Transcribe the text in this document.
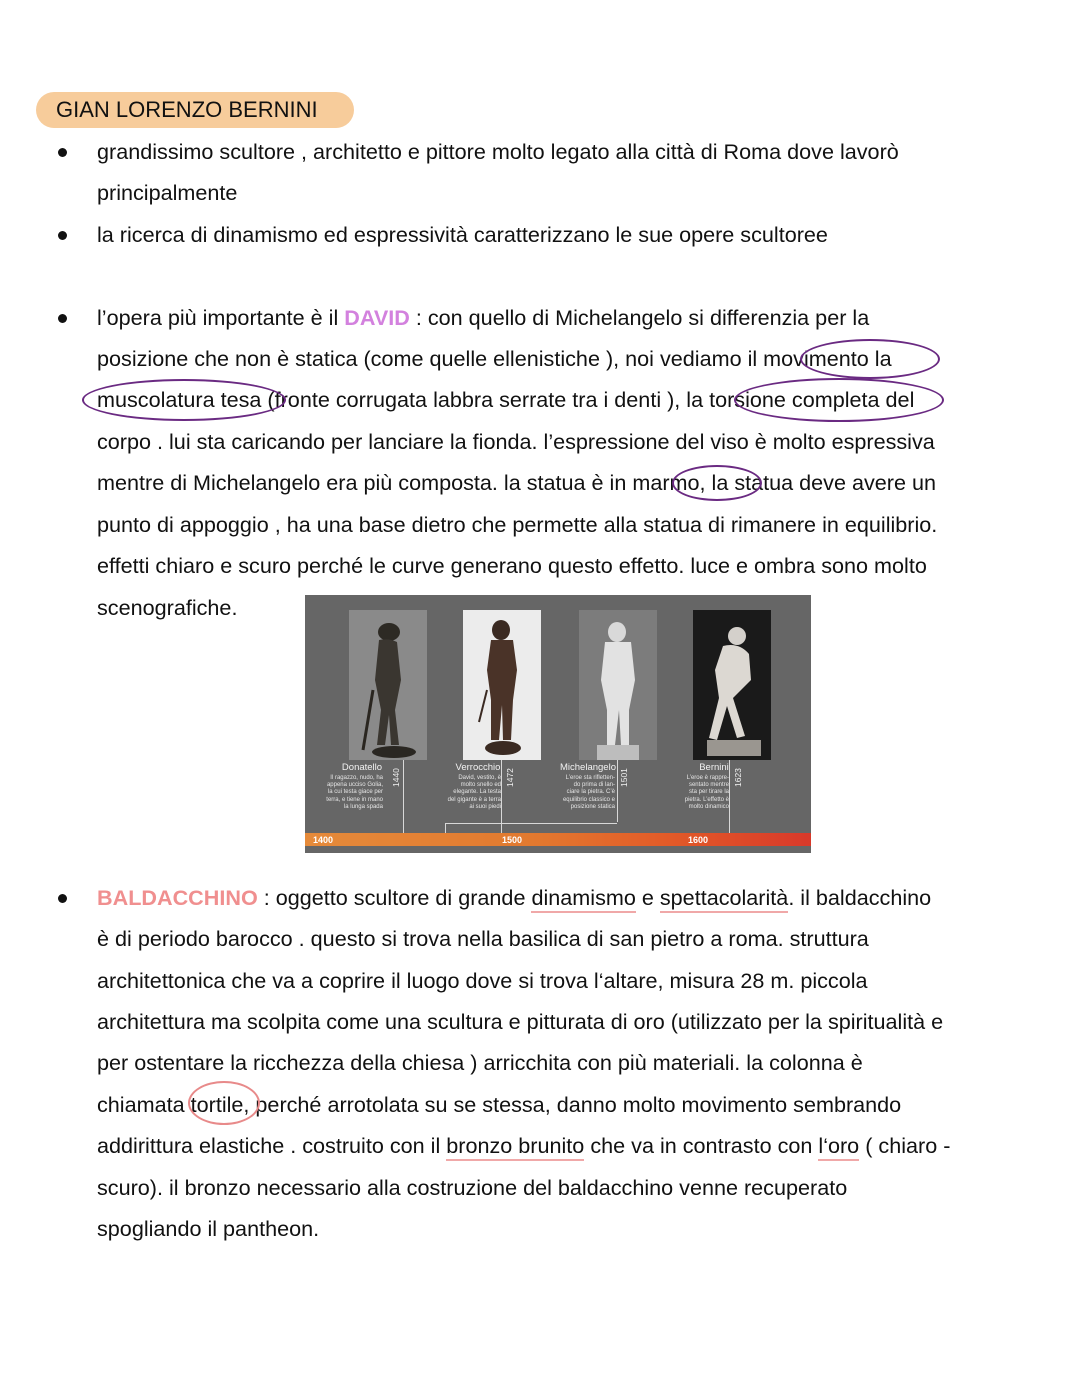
GIAN LORENZO BERNINI
grandissimo scultore , architetto e pittore molto legato alla città di Roma dove lavorò
principalmente
la ricerca di dinamismo ed espressività caratterizzano le sue opere scultoree
l’opera più importante è il DAVID : con quello di Michelangelo si differenzia per la
posizione che non è statica (come quelle ellenistiche ), noi vediamo il movimento la
muscolatura tesa (fronte corrugata labbra serrate tra i denti ), la torsione completa del
corpo . lui sta caricando per lanciare la fionda. l’espressione del viso è molto espressiva
mentre di Michelangelo era più composta. la statua è in marmo, la statua deve avere un
punto di appoggio , ha una base dietro che permette alla statua di rimanere in equilibrio.
effetti chiaro e scuro perché le curve generano questo effetto. luce e ombra sono molto
scenografiche.
Donatello	Verrocchio	Michelangelo	Bernini
Il ragazzo, nudo, ha
appena ucciso Golia,
la cui testa giace per
terra, e tiene in mano
la lunga spada
David, vestito, è
molto snello ed
elegante. La testa
del gigante è a terra
ai suoi piedi
L’eroe sta rifletten-
do prima di lan-
ciare la pietra. C’è
equilibrio classico e
posizione statica
L’eroe è rappre-
sentato mentre
sta per tirare la
pietra. L’effetto è
molto dinamico
1440	1472	1501	1623
1400	1500	1600
BALDACCHINO : oggetto scultore di grande dinamismo e spettacolarità. il baldacchino
è di periodo barocco . questo si trova nella basilica di san pietro a roma. struttura
architettonica che va a coprire il luogo dove si trova l‘altare, misura 28 m. piccola
architettura ma scolpita come una scultura e pitturata di oro (utilizzato per la spiritualità e
per ostentare la ricchezza della chiesa ) arricchita con più materiali. la colonna è
chiamata tortile, perché arrotolata su se stessa, danno molto movimento sembrando
addirittura elastiche . costruito con il bronzo brunito che va in contrasto con l‘oro ( chiaro -
scuro). il bronzo necessario alla costruzione del baldacchino venne recuperato
spogliando il pantheon.
